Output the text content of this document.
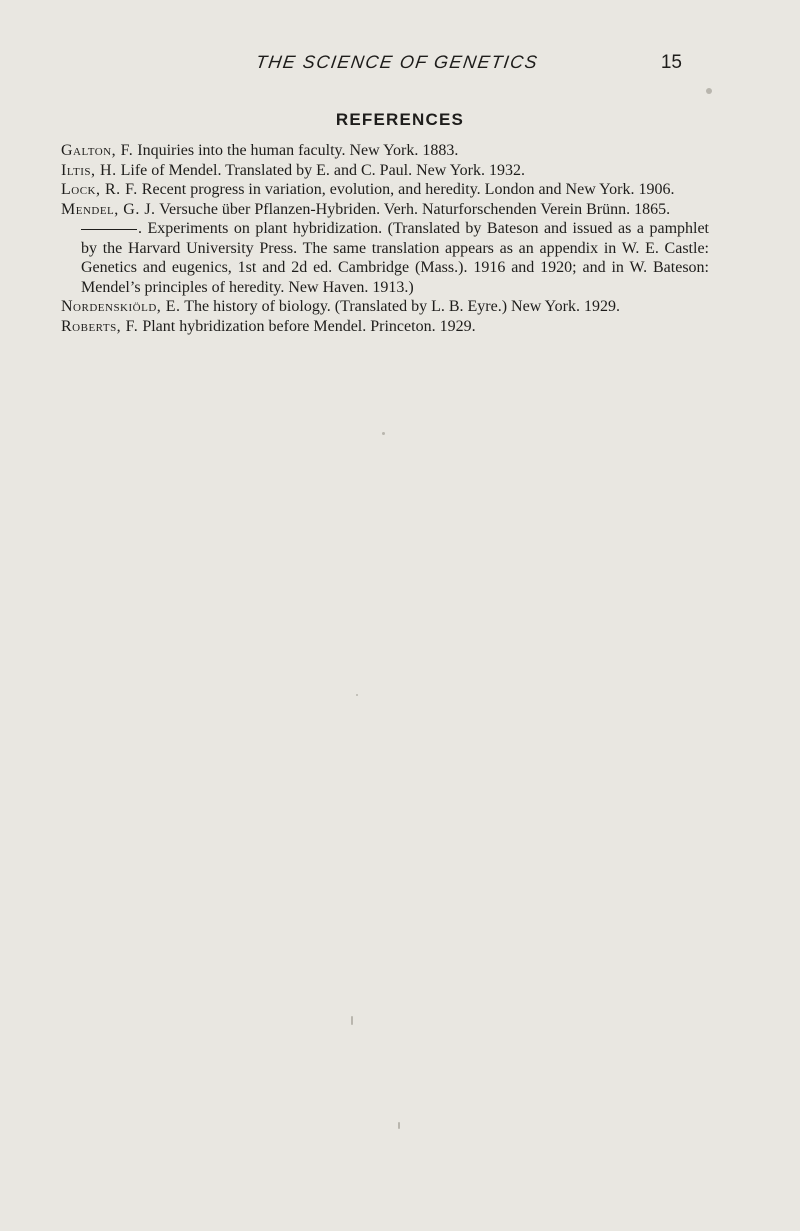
THE SCIENCE OF GENETICS	15
REFERENCES

Galton, F. Inquiries into the human faculty. New York. 1883.

Iltis, H. Life of Mendel. Translated by E. and C. Paul. New York. 1932.

Lock, R. F. Recent progress in variation, evolution, and heredity. London and New York. 1906.

Mendel, G. J. Versuche über Pflanzen-Hybriden. Verh. Naturforschenden Verein Brünn. 1865.

. Experiments on plant hybridization. (Translated by Bateson and issued as a pamphlet by the Harvard University Press. The same translation appears as an appendix in W. E. Castle: Genetics and eugenics, 1st and 2d ed. Cambridge (Mass.). 1916 and 1920; and in W. Bateson: Mendel’s principles of heredity. New Haven. 1913.)

Nordenskiöld, E. The history of biology. (Translated by L. B. Eyre.) New York. 1929.

Roberts, F. Plant hybridization before Mendel. Princeton. 1929.
